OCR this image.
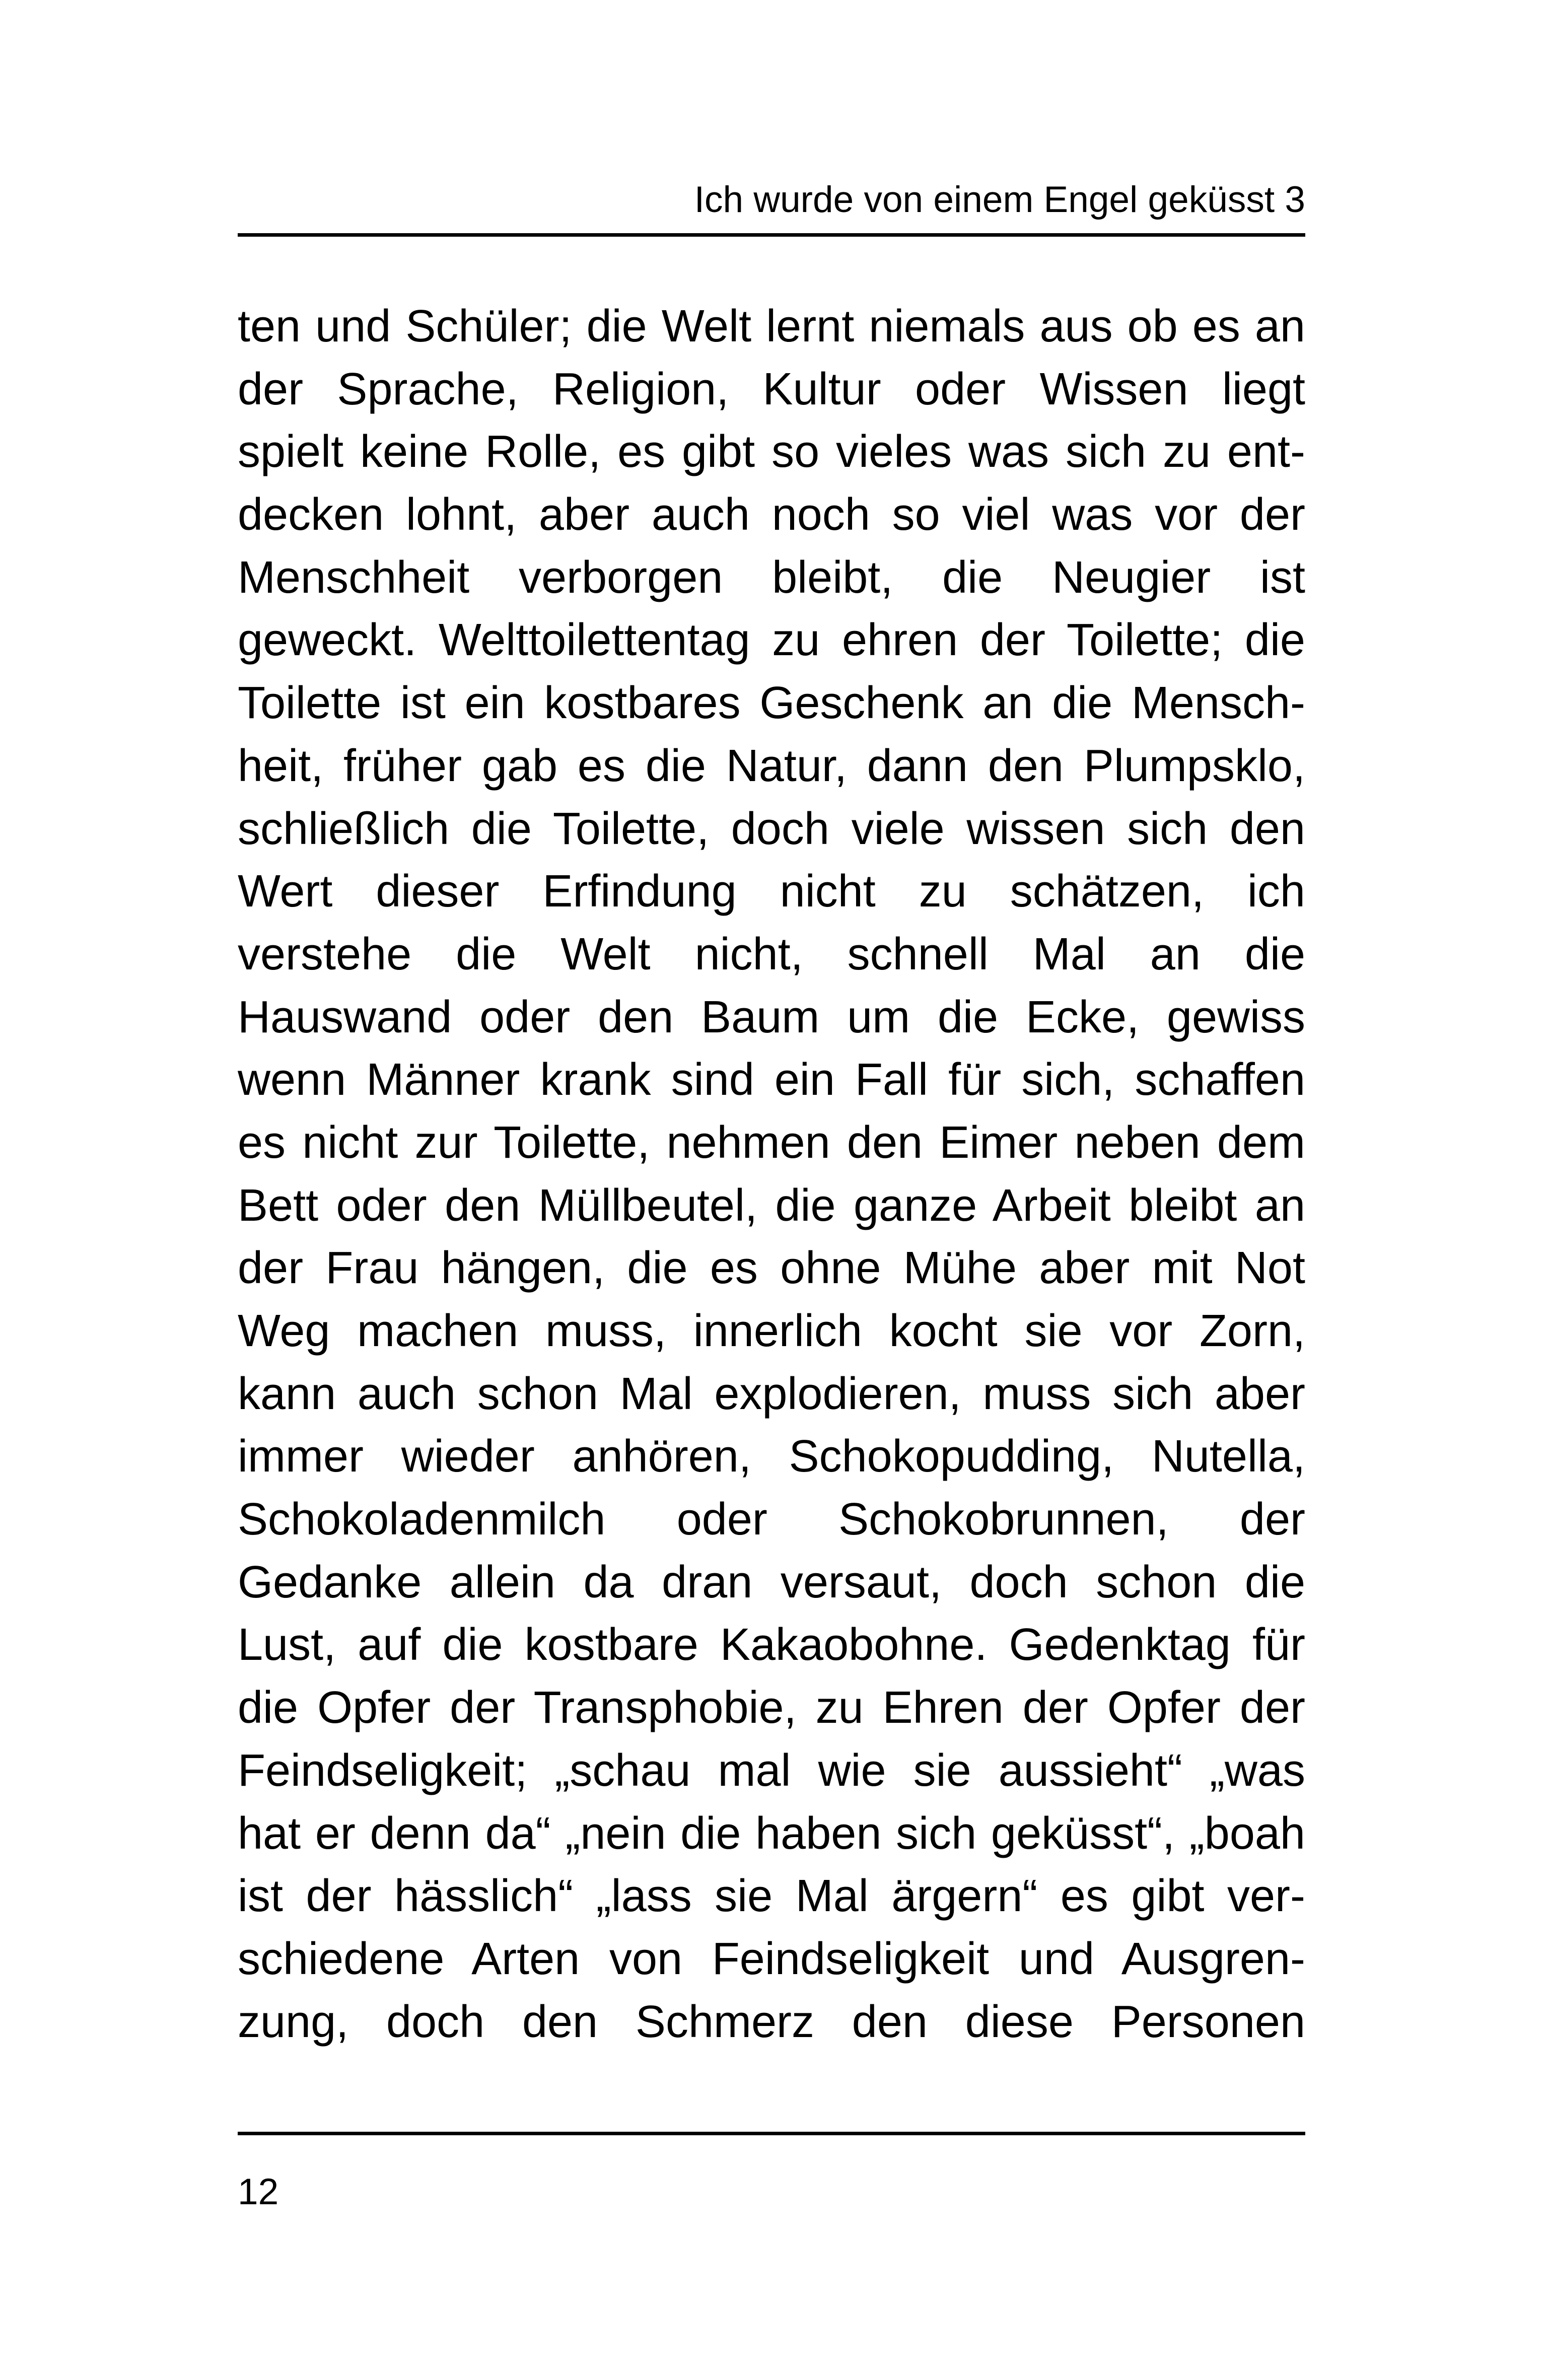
Ich wurde von einem Engel geküsst 3
ten und Schüler; die Welt lernt niemals aus ob es an
der Sprache, Religion, Kultur oder Wissen liegt
spielt keine Rolle, es gibt so vieles was sich zu ent-
decken lohnt, aber auch noch so viel was vor der
Menschheit verborgen bleibt, die Neugier ist
geweckt. Welttoilettentag zu ehren der Toilette; die
Toilette ist ein kostbares Geschenk an die Mensch-
heit, früher gab es die Natur, dann den Plumpsklo,
schließlich die Toilette, doch viele wissen sich den
Wert dieser Erfindung nicht zu schätzen, ich
verstehe die Welt nicht, schnell Mal an die
Hauswand oder den Baum um die Ecke, gewiss
wenn Männer krank sind ein Fall für sich, schaffen
es nicht zur Toilette, nehmen den Eimer neben dem
Bett oder den Müllbeutel, die ganze Arbeit bleibt an
der Frau hängen, die es ohne Mühe aber mit Not
Weg machen muss, innerlich kocht sie vor Zorn,
kann auch schon Mal explodieren, muss sich aber
immer wieder anhören, Schokopudding, Nutella,
Schokoladenmilch oder Schokobrunnen, der
Gedanke allein da dran versaut, doch schon die
Lust, auf die kostbare Kakaobohne. Gedenktag für
die Opfer der Transphobie, zu Ehren der Opfer der
Feindseligkeit; „schau mal wie sie aussieht“ „was
hat er denn da“ „nein die haben sich geküsst“, „boah
ist der hässlich“ „lass sie Mal ärgern“ es gibt ver-
schiedene Arten von Feindseligkeit und Ausgren-
zung, doch den Schmerz den diese Personen
12
